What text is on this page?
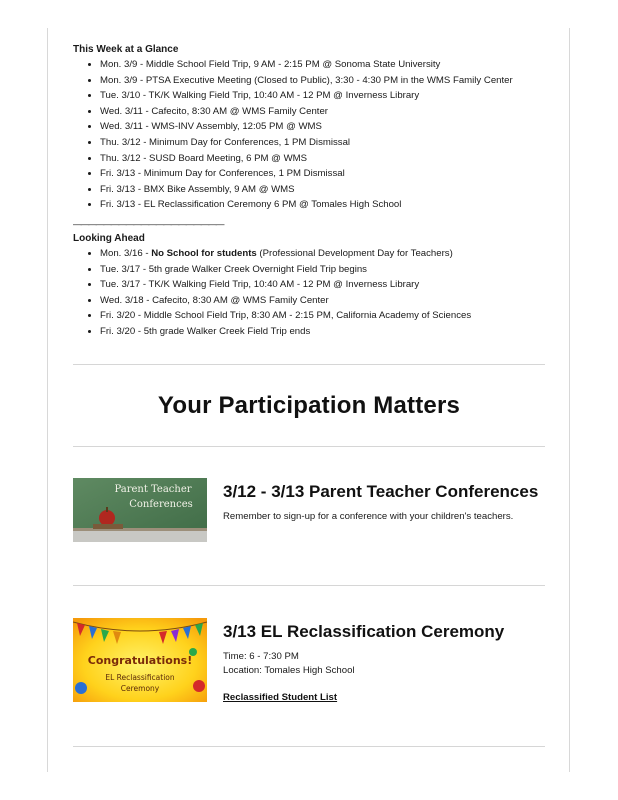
This Week at a Glance
• Mon. 3/9 - Middle School Field Trip, 9 AM - 2:15 PM @ Sonoma State University
• Mon. 3/9 - PTSA Executive Meeting (Closed to Public), 3:30 - 4:30 PM in the WMS Family Center
• Tue. 3/10 - TK/K Walking Field Trip, 10:40 AM - 12 PM @ Inverness Library
• Wed. 3/11 - Cafecito, 8:30 AM @ WMS Family Center
• Wed. 3/11 - WMS-INV Assembly, 12:05 PM @ WMS
• Thu. 3/12 - Minimum Day for Conferences, 1 PM Dismissal
• Thu. 3/12 - SUSD Board Meeting, 6 PM @ WMS
• Fri. 3/13 - Minimum Day for Conferences, 1 PM Dismissal
• Fri. 3/13 - BMX Bike Assembly, 9 AM @ WMS
• Fri. 3/13 - EL Reclassification Ceremony 6 PM @ Tomales High School
————————————————————
Looking Ahead
• Mon. 3/16 - No School for students (Professional Development Day for Teachers)
• Tue. 3/17 - 5th grade Walker Creek Overnight Field Trip begins
• Tue. 3/17 - TK/K Walking Field Trip, 10:40 AM - 12 PM @ Inverness Library
• Wed. 3/18 - Cafecito, 8:30 AM @ WMS Family Center
• Fri. 3/20 - Middle School Field Trip, 8:30 AM - 2:15 PM, California Academy of Sciences
• Fri. 3/20 - 5th grade Walker Creek Field Trip ends
Your Participation Matters
Parent Teacher
Conferences
3/12 - 3/13 Parent Teacher Conferences
Remember to sign-up for a conference with your children's teachers.
Congratulations!
EL Reclassification
Ceremony
3/13 EL Reclassification Ceremony
Time: 6 - 7:30 PM
Location: Tomales High School
Reclassified Student List
